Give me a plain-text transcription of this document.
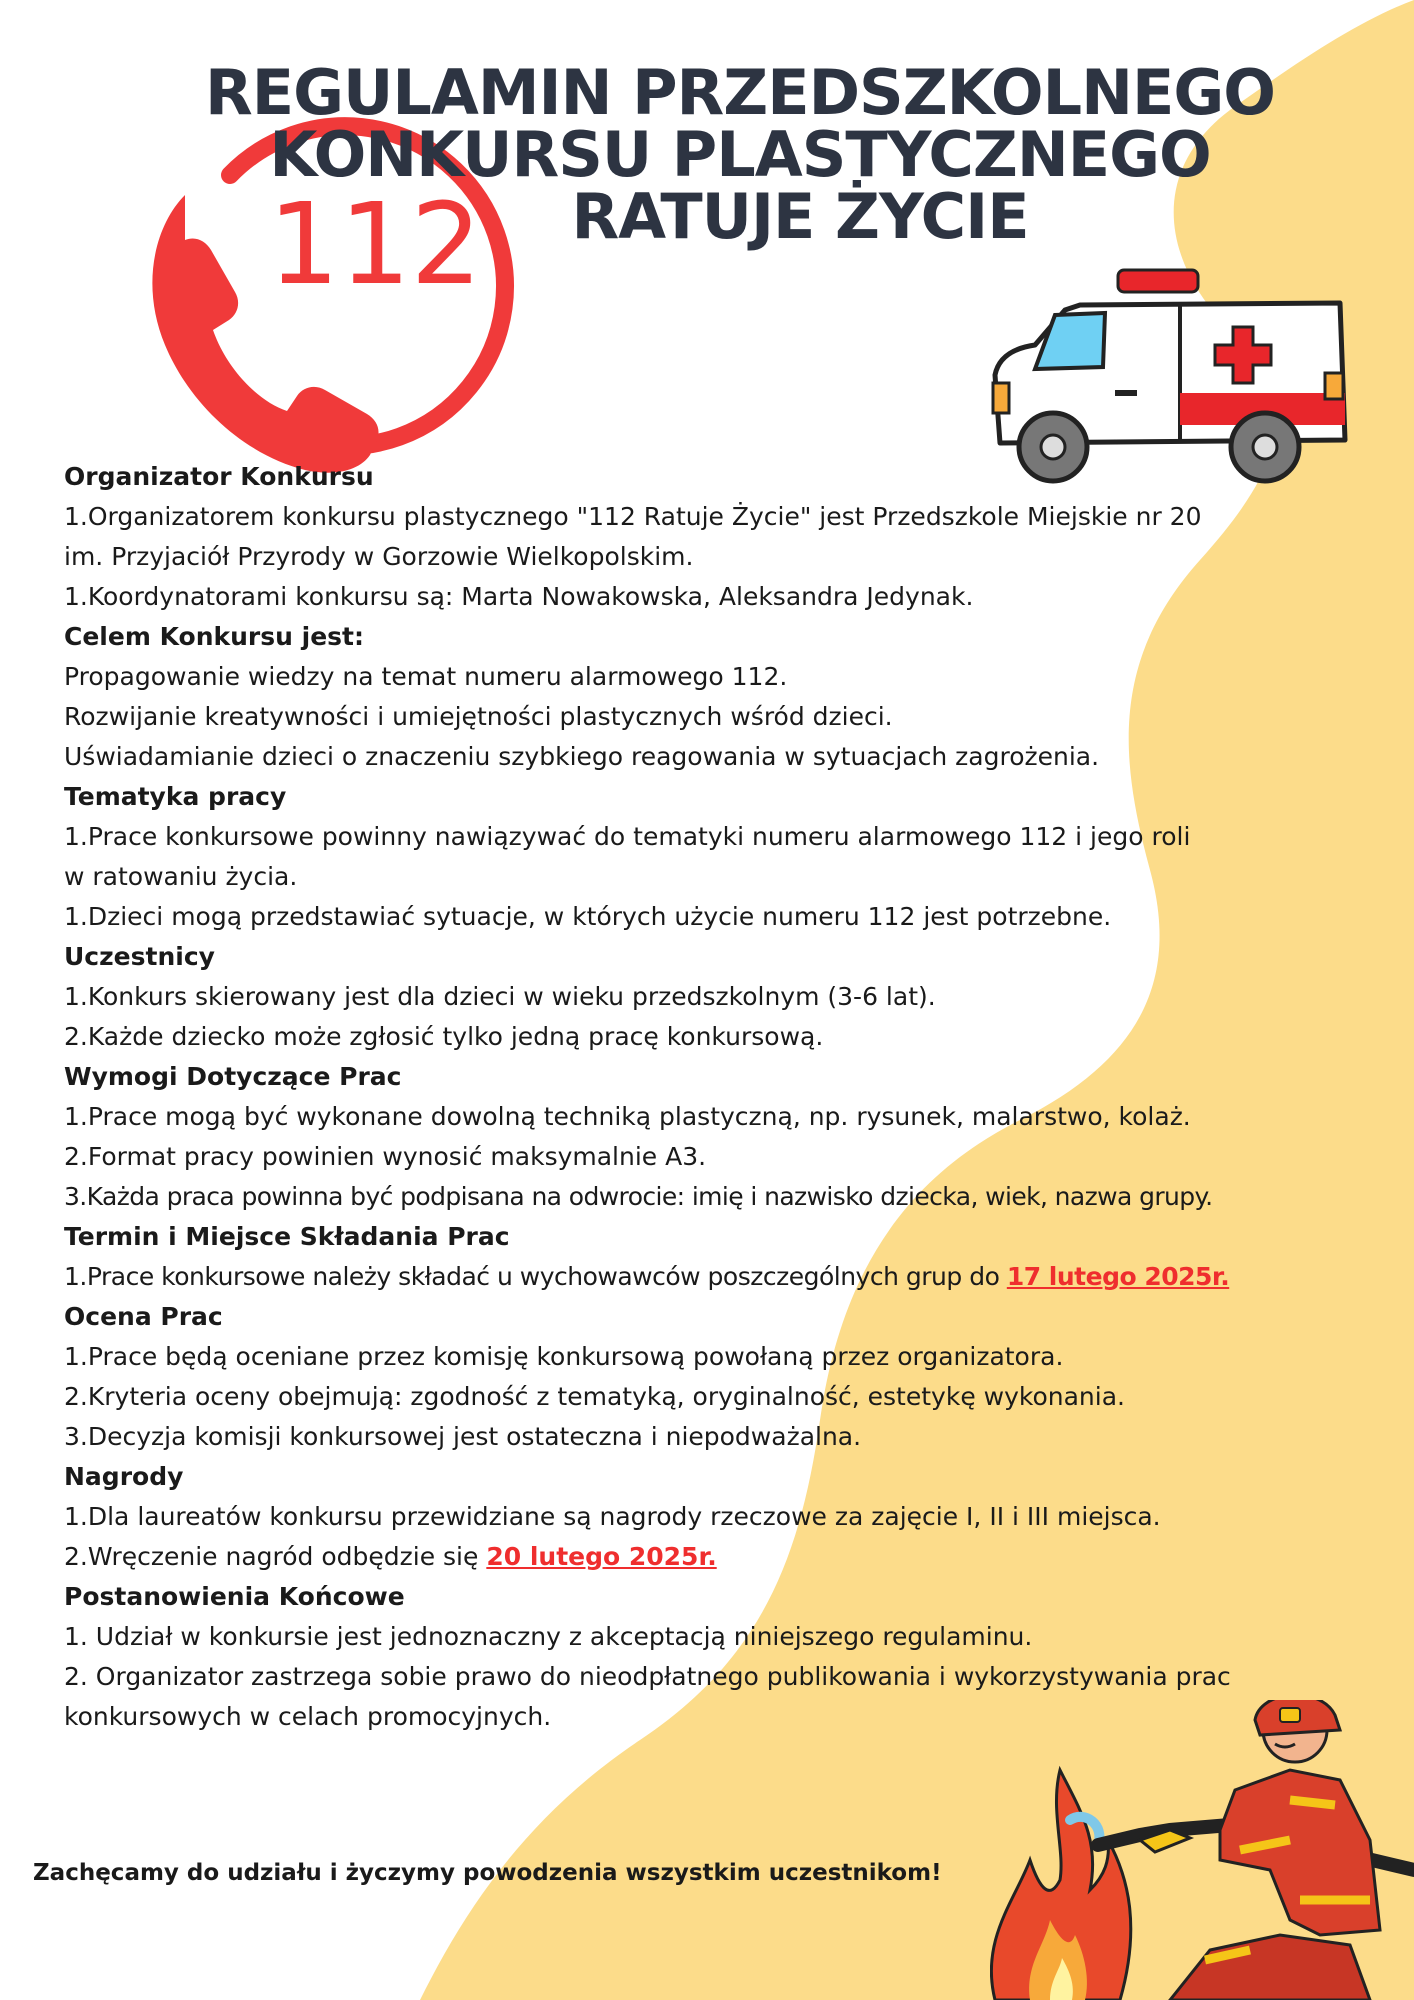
112
REGULAMIN PRZEDSZKOLNEGO
KONKURSU PLASTYCZNEGO
RATUJE ŻYCIE
Organizator Konkursu
1.Organizatorem konkursu plastycznego "112 Ratuje Życie" jest Przedszkole Miejskie nr 20
im. Przyjaciół Przyrody w Gorzowie Wielkopolskim.
1.Koordynatorami konkursu są: Marta Nowakowska, Aleksandra Jedynak.
Celem Konkursu jest:
Propagowanie wiedzy na temat numeru alarmowego 112.
Rozwijanie kreatywności i umiejętności plastycznych wśród dzieci.
Uświadamianie dzieci o znaczeniu szybkiego reagowania w sytuacjach zagrożenia.
Tematyka pracy
1.Prace konkursowe powinny nawiązywać do tematyki numeru alarmowego 112 i jego roli
w ratowaniu życia.
1.Dzieci mogą przedstawiać sytuacje, w których użycie numeru 112 jest potrzebne.
Uczestnicy
1.Konkurs skierowany jest dla dzieci w wieku przedszkolnym (3-6 lat).
2.Każde dziecko może zgłosić tylko jedną pracę konkursową.
Wymogi Dotyczące Prac
1.Prace mogą być wykonane dowolną techniką plastyczną, np. rysunek, malarstwo, kolaż.
2.Format pracy powinien wynosić maksymalnie A3.
3.Każda praca powinna być podpisana na odwrocie: imię i nazwisko dziecka, wiek, nazwa grupy.
Termin i Miejsce Składania Prac
1.Prace konkursowe należy składać u wychowawców poszczególnych grup do 17 lutego 2025r.
Ocena Prac
1.Prace będą oceniane przez komisję konkursową powołaną przez organizatora.
2.Kryteria oceny obejmują: zgodność z tematyką, oryginalność, estetykę wykonania.
3.Decyzja komisji konkursowej jest ostateczna i niepodważalna.
Nagrody
1.Dla laureatów konkursu przewidziane są nagrody rzeczowe za zajęcie I, II i III miejsca.
2.Wręczenie nagród odbędzie się 20 lutego 2025r.
Postanowienia Końcowe
1. Udział w konkursie jest jednoznaczny z akceptacją niniejszego regulaminu.
2. Organizator zastrzega sobie prawo do nieodpłatnego publikowania i wykorzystywania prac
konkursowych w celach promocyjnych.
Zachęcamy do udziału i życzymy powodzenia wszystkim uczestnikom!
